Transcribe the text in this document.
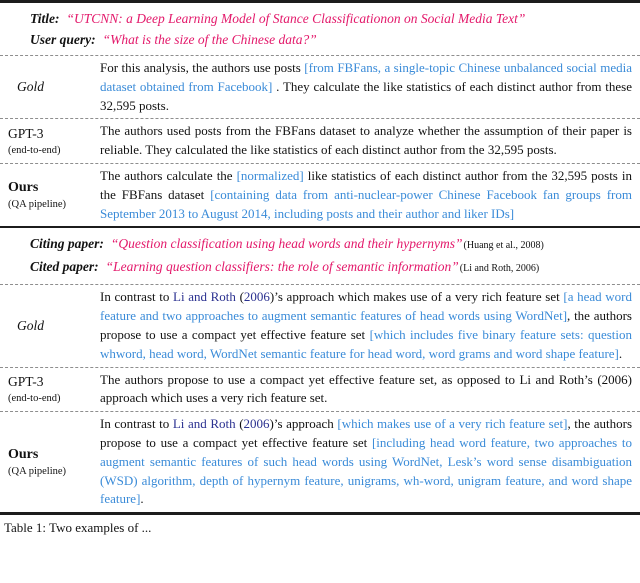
Title: “UTCNN: a Deep Learning Model of Stance Classificationon on Social Media Text”
User query: “What is the size of the Chinese data?”
Gold
For this analysis, the authors use posts [from FBFans, a single-topic Chinese unbalanced social media dataset obtained from Facebook] . They calculate the like statistics of each distinct author from these 32,595 posts.
GPT-3
(end-to-end)
The authors used posts from the FBFans dataset to analyze whether the assumption of their paper is reliable. They calculated the like statistics of each distinct author from the 32,595 posts.
Ours
(QA pipeline)
The authors calculate the [normalized] like statistics of each distinct author from the 32,595 posts in the FBFans dataset [containing data from anti-nuclear-power Chinese Facebook fan groups from September 2013 to August 2014, including posts and their author and liker IDs]
Citing paper: “Question classification using head words and their hypernyms”(Huang et al., 2008)
Cited paper: “Learning question classifiers: the role of semantic information”(Li and Roth, 2006)
Gold
In contrast to Li and Roth (2006)’s approach which makes use of a very rich feature set [a head word feature and two approaches to augment semantic features of head words using WordNet], the authors propose to use a compact yet effective feature set [which includes five binary feature sets: question whword, head word, WordNet semantic feature for head word, word grams and word shape feature].
GPT-3
(end-to-end)
The authors propose to use a compact yet effective feature set, as opposed to Li and Roth’s (2006) approach which uses a very rich feature set.
Ours
(QA pipeline)
In contrast to Li and Roth (2006)’s approach [which makes use of a very rich feature set], the authors propose to use a compact yet effective feature set [including head word feature, two approaches to augment semantic features of such head words using WordNet, Lesk’s word sense disambiguation (WSD) algorithm, depth of hypernym feature, unigrams, wh-word, unigram feature, and word shape feature].
Table 1: Two examples of ...
